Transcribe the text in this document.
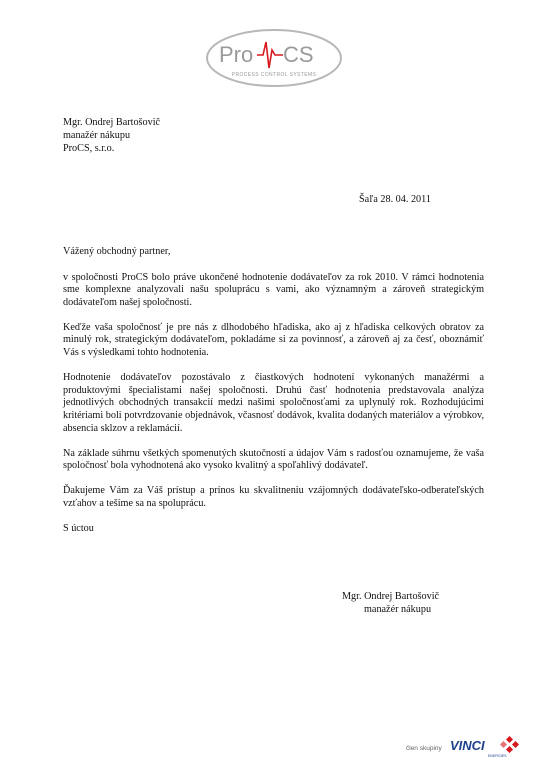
Pro CS
PROCESS CONTROL SYSTEMS
Mgr. Ondrej Bartošovič
manažér nákupu
ProCS, s.r.o.
Šaľa 28. 04. 2011

Vážený obchodný partner,

v spoločnosti ProCS bolo práve ukončené hodnotenie dodávateľov za rok 2010. V rámci hodnotenia sme komplexne analyzovali našu spoluprácu s vami, ako významným a zároveň strategickým dodávateľom našej spoločnosti.

Keďže vaša spoločnosť je pre nás z dlhodobého hľadiska, ako aj z hľadiska celkových obratov za minulý rok, strategickým dodávateľom, pokladáme si za povinnosť, a zároveň aj za česť, oboznámiť Vás s výsledkami tohto hodnotenia.

Hodnotenie dodávateľov pozostávalo z čiastkových hodnotení vykonaných manažérmi a produktovými špecialistami našej spoločnosti. Druhú časť hodnotenia predstavovala analýza jednotlivých obchodných transakcií medzi našimi spoločnosťami za uplynulý rok. Rozhodujúcimi kritériami boli potvrdzovanie objednávok, včasnosť dodávok, kvalita dodaných materiálov a výrobkov, absencia sklzov a reklamácií.

Na základe súhrnu všetkých spomenutých skutočností a údajov Vám s radosťou oznamujeme, že vaša spoločnosť bola vyhodnotená ako vysoko kvalitný a spoľahlivý dodávateľ.

Ďakujeme Vám za Váš prístup a prínos ku skvalitneniu vzájomných dodávateľsko-odberateľských vzťahov a tešíme sa na spoluprácu.

S úctou

Mgr. Ondrej Bartošovič
manažér nákupu
člen skupiny VINCI
ENERGIES
